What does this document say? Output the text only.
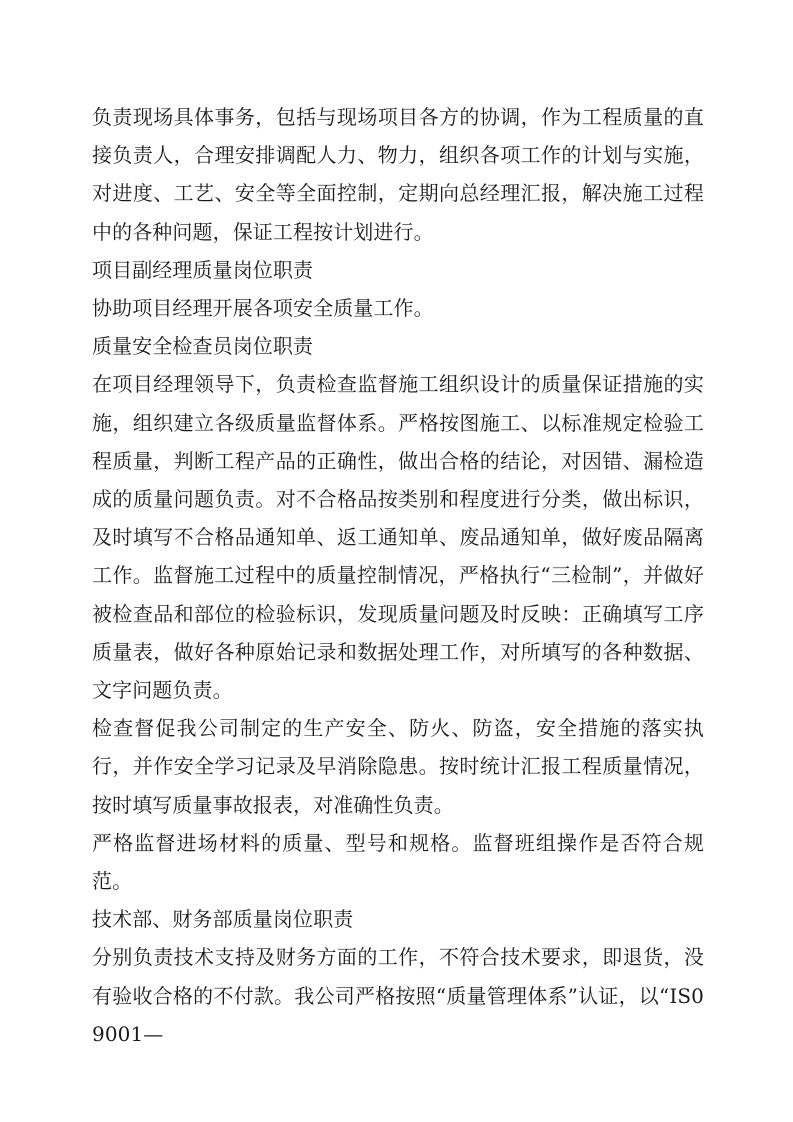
负责现场具体事务，包括与现场项目各方的协调，作为工程质量的直接负责人，合理安排调配人力、物力，组织各项工作的计划与实施，对进度、工艺、安全等全面控制，定期向总经理汇报，解决施工过程中的各种问题，保证工程按计划进行。

项目副经理质量岗位职责

协助项目经理开展各项安全质量工作。

质量安全检查员岗位职责

在项目经理领导下，负责检查监督施工组织设计的质量保证措施的实施，组织建立各级质量监督体系。严格按图施工、以标准规定检验工程质量，判断工程产品的正确性，做出合格的结论，对因错、漏检造成的质量问题负责。对不合格品按类别和程度进行分类，做出标识，及时填写不合格品通知单、返工通知单、废品通知单，做好废品隔离工作。监督施工过程中的质量控制情况，严格执行“三检制”，并做好被检查品和部位的检验标识，发现质量问题及时反映：正确填写工序质量表，做好各种原始记录和数据处理工作，对所填写的各种数据、文字问题负责。

检查督促我公司制定的生产安全、防火、防盗，安全措施的落实执行，并作安全学习记录及早消除隐患。按时统计汇报工程质量情况，按时填写质量事故报表，对准确性负责。

严格监督进场材料的质量、型号和规格。监督班组操作是否符合规范。

技术部、财务部质量岗位职责

分别负责技术支持及财务方面的工作，不符合技术要求，即退货，没有验收合格的不付款。我公司严格按照“质量管理体系”认证，以“IS09001—
